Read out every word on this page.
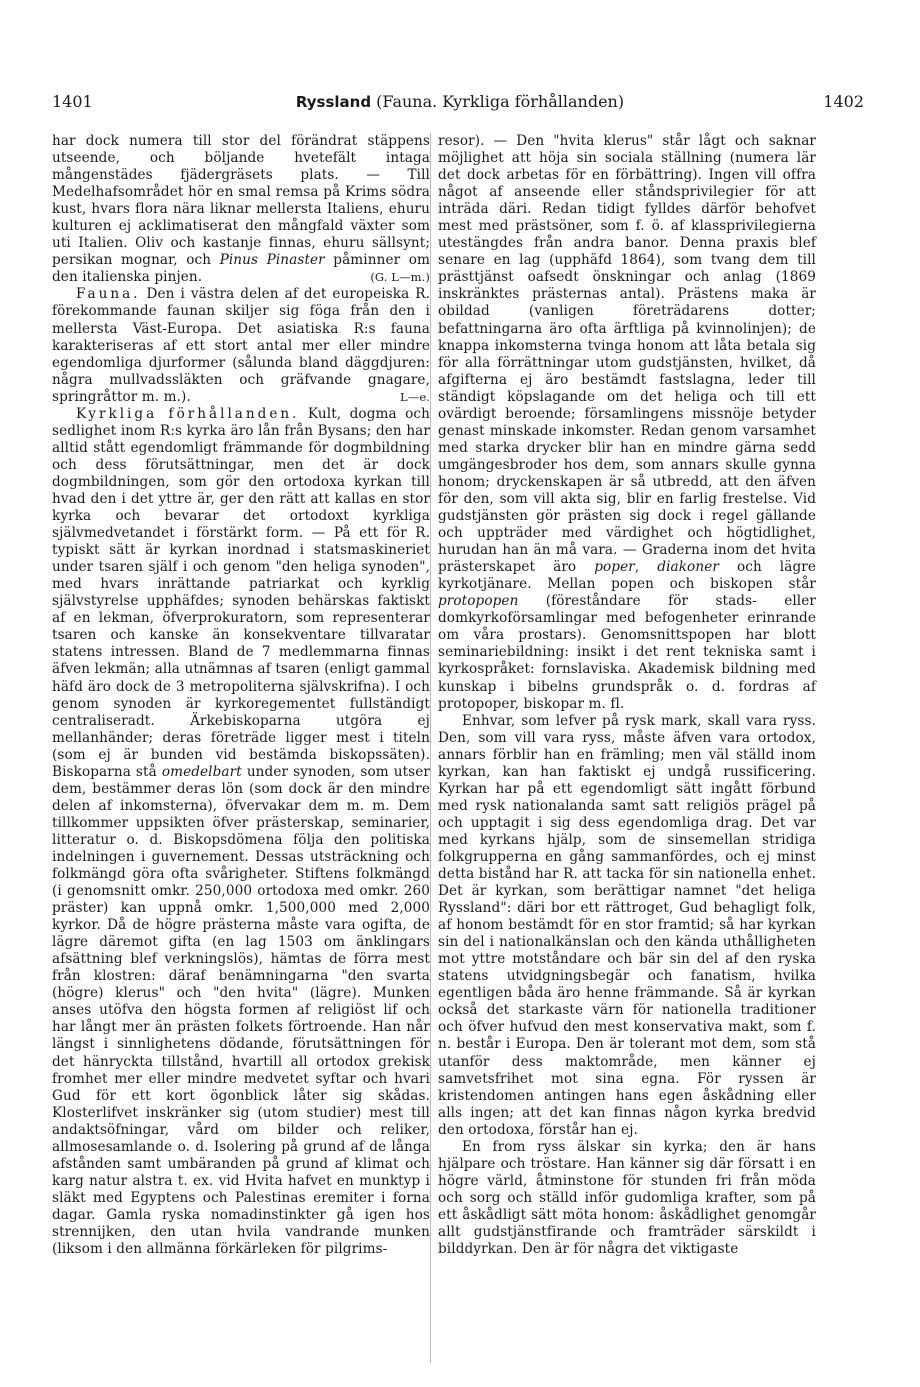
1401	Ryssland (Fauna. Kyrkliga förhållanden)	1402

har dock numera till stor del förändrat stäppens utseende, och böljande hvetefält intaga mångenstädes fjädergräsets plats. — Till Medelhafsområdet hör en smal remsa på Krims södra kust, hvars flora nära liknar mellersta Italiens, ehuru kulturen ej acklimatiserat den mångfald växter som uti Italien. Oliv och kastanje finnas, ehuru sällsynt; persikan mognar, och Pinus Pinaster påminner om den italienska pinjen.	(G. L—m.)

Fauna. Den i västra delen af det europeiska R. förekommande faunan skiljer sig föga från den i mellersta Väst-Europa. Det asiatiska R:s fauna karakteriseras af ett stort antal mer eller mindre egendomliga djurformer (sålunda bland däggdjuren: några mullvadssläkten och gräfvande gnagare, springråttor m. m.).	L—e.

Kyrkliga förhållanden. Kult, dogma och sedlighet inom R:s kyrka äro lån från Bysans; den har alltid stått egendomligt främmande för dogmbildning och dess förutsättningar, men det är dock dogmbildningen, som gör den ortodoxa kyrkan till hvad den i det yttre är, ger den rätt att kallas en stor kyrka och bevarar det ortodoxt kyrkliga självmedvetandet i förstärkt form. — På ett för R. typiskt sätt är kyrkan inordnad i statsmaskineriet under tsaren själf i och genom "den heliga synoden", med hvars inrättande patriarkat och kyrklig självstyrelse upphäfdes; synoden behärskas faktiskt af en lekman, öfverprokuratorn, som representerar tsaren och kanske än konsekventare tillvaratar statens intressen. Bland de 7 medlemmarna finnas äfven lekmän; alla utnämnas af tsaren (enligt gammal häfd äro dock de 3 metropoliterna självskrifna). I och genom synoden är kyrkoregementet fullständigt centraliseradt. Ärkebiskoparna utgöra ej mellanhänder; deras företräde ligger mest i titeln (som ej är bunden vid bestämda biskopssäten). Biskoparna stå omedelbart under synoden, som utser dem, bestämmer deras lön (som dock är den mindre delen af inkomsterna), öfvervakar dem m. m. Dem tillkommer uppsikten öfver prästerskap, seminarier, litteratur o. d. Biskopsdömena följa den politiska indelningen i guvernement. Dessas utsträckning och folkmängd göra ofta svårigheter. Stiftens folkmängd (i genomsnitt omkr. 250,000 ortodoxa med omkr. 260 präster) kan uppnå omkr. 1,500,000 med 2,000 kyrkor. Då de högre prästerna måste vara ogifta, de lägre däremot gifta (en lag 1503 om änklingars afsättning blef verkningslös), hämtas de förra mest från klostren: däraf benämningarna "den svarta (högre) klerus" och "den hvita" (lägre). Munken anses utöfva den högsta formen af religiöst lif och har långt mer än prästen folkets förtroende. Han når längst i sinnlighetens dödande, förutsättningen för det hänryckta tillstånd, hvartill all ortodox grekisk fromhet mer eller mindre medvetet syftar och hvari Gud för ett kort ögonblick låter sig skådas. Klosterlifvet inskränker sig (utom studier) mest till andaktsöfningar, vård om bilder och reliker, allmosesamlande o. d. Isolering på grund af de långa afstånden samt umbäranden på grund af klimat och karg natur alstra t. ex. vid Hvita hafvet en munktyp i släkt med Egyptens och Palestinas eremiter i forna dagar. Gamla ryska nomadinstinkter gå igen hos strennijken, den utan hvila vandrande munken (liksom i den allmänna förkärleken för pilgrims-

resor). — Den "hvita klerus" står lågt och saknar möjlighet att höja sin sociala ställning (numera lär det dock arbetas för en förbättring). Ingen vill offra något af anseende eller ståndsprivilegier för att inträda däri. Redan tidigt fylldes därför behofvet mest med prästsöner, som f. ö. af klassprivilegierna utestängdes från andra banor. Denna praxis blef senare en lag (upphäfd 1864), som tvang dem till prästtjänst oafsedt önskningar och anlag (1869 inskränktes prästernas antal). Prästens maka är obildad (vanligen företrädarens dotter; befattningarna äro ofta ärftliga på kvinnolinjen); de knappa inkomsterna tvinga honom att låta betala sig för alla förrättningar utom gudstjänsten, hvilket, då afgifterna ej äro bestämdt fastslagna, leder till ständigt köpslagande om det heliga och till ett ovärdigt beroende; församlingens missnöje betyder genast minskade inkomster. Redan genom varsamhet med starka drycker blir han en mindre gärna sedd umgängesbroder hos dem, som annars skulle gynna honom; dryckenskapen är så utbredd, att den äfven för den, som vill akta sig, blir en farlig frestelse. Vid gudstjänsten gör prästen sig dock i regel gällande och uppträder med värdighet och högtidlighet, hurudan han än må vara. — Graderna inom det hvita prästerskapet äro poper, diakoner och lägre kyrkotjänare. Mellan popen och biskopen står protopopen (föreståndare för stads- eller domkyrkoförsamlingar med befogenheter erinrande om våra prostars). Genomsnittspopen har blott seminariebildning: insikt i det rent tekniska samt i kyrkospråket: fornslaviska. Akademisk bildning med kunskap i bibelns grundspråk o. d. fordras af protopoper, biskopar m. fl.

Enhvar, som lefver på rysk mark, skall vara ryss. Den, som vill vara ryss, måste äfven vara ortodox, annars förblir han en främling; men väl ställd inom kyrkan, kan han faktiskt ej undgå russificering. Kyrkan har på ett egendomligt sätt ingått förbund med rysk nationalanda samt satt religiös prägel på och upptagit i sig dess egendomliga drag. Det var med kyrkans hjälp, som de sinsemellan stridiga folkgrupperna en gång sammanfördes, och ej minst detta bistånd har R. att tacka för sin nationella enhet. Det är kyrkan, som berättigar namnet "det heliga Ryssland": däri bor ett rättroget, Gud behagligt folk, af honom bestämdt för en stor framtid; så har kyrkan sin del i nationalkänslan och den kända uthålligheten mot yttre motståndare och bär sin del af den ryska statens utvidgningsbegär och fanatism, hvilka egentligen båda äro henne främmande. Så är kyrkan också det starkaste värn för nationella traditioner och öfver hufvud den mest konservativa makt, som f. n. består i Europa. Den är tolerant mot dem, som stå utanför dess maktområde, men känner ej samvetsfrihet mot sina egna. För ryssen är kristendomen antingen hans egen åskådning eller alls ingen; att det kan finnas någon kyrka bredvid den ortodoxa, förstår han ej.

En from ryss älskar sin kyrka; den är hans hjälpare och tröstare. Han känner sig där försatt i en högre värld, åtminstone för stunden fri från möda och sorg och ställd inför gudomliga krafter, som på ett åskådligt sätt möta honom: åskådlighet genomgår allt gudstjänstfirande och framträder särskildt i bilddyrkan. Den är för några det viktigaste
